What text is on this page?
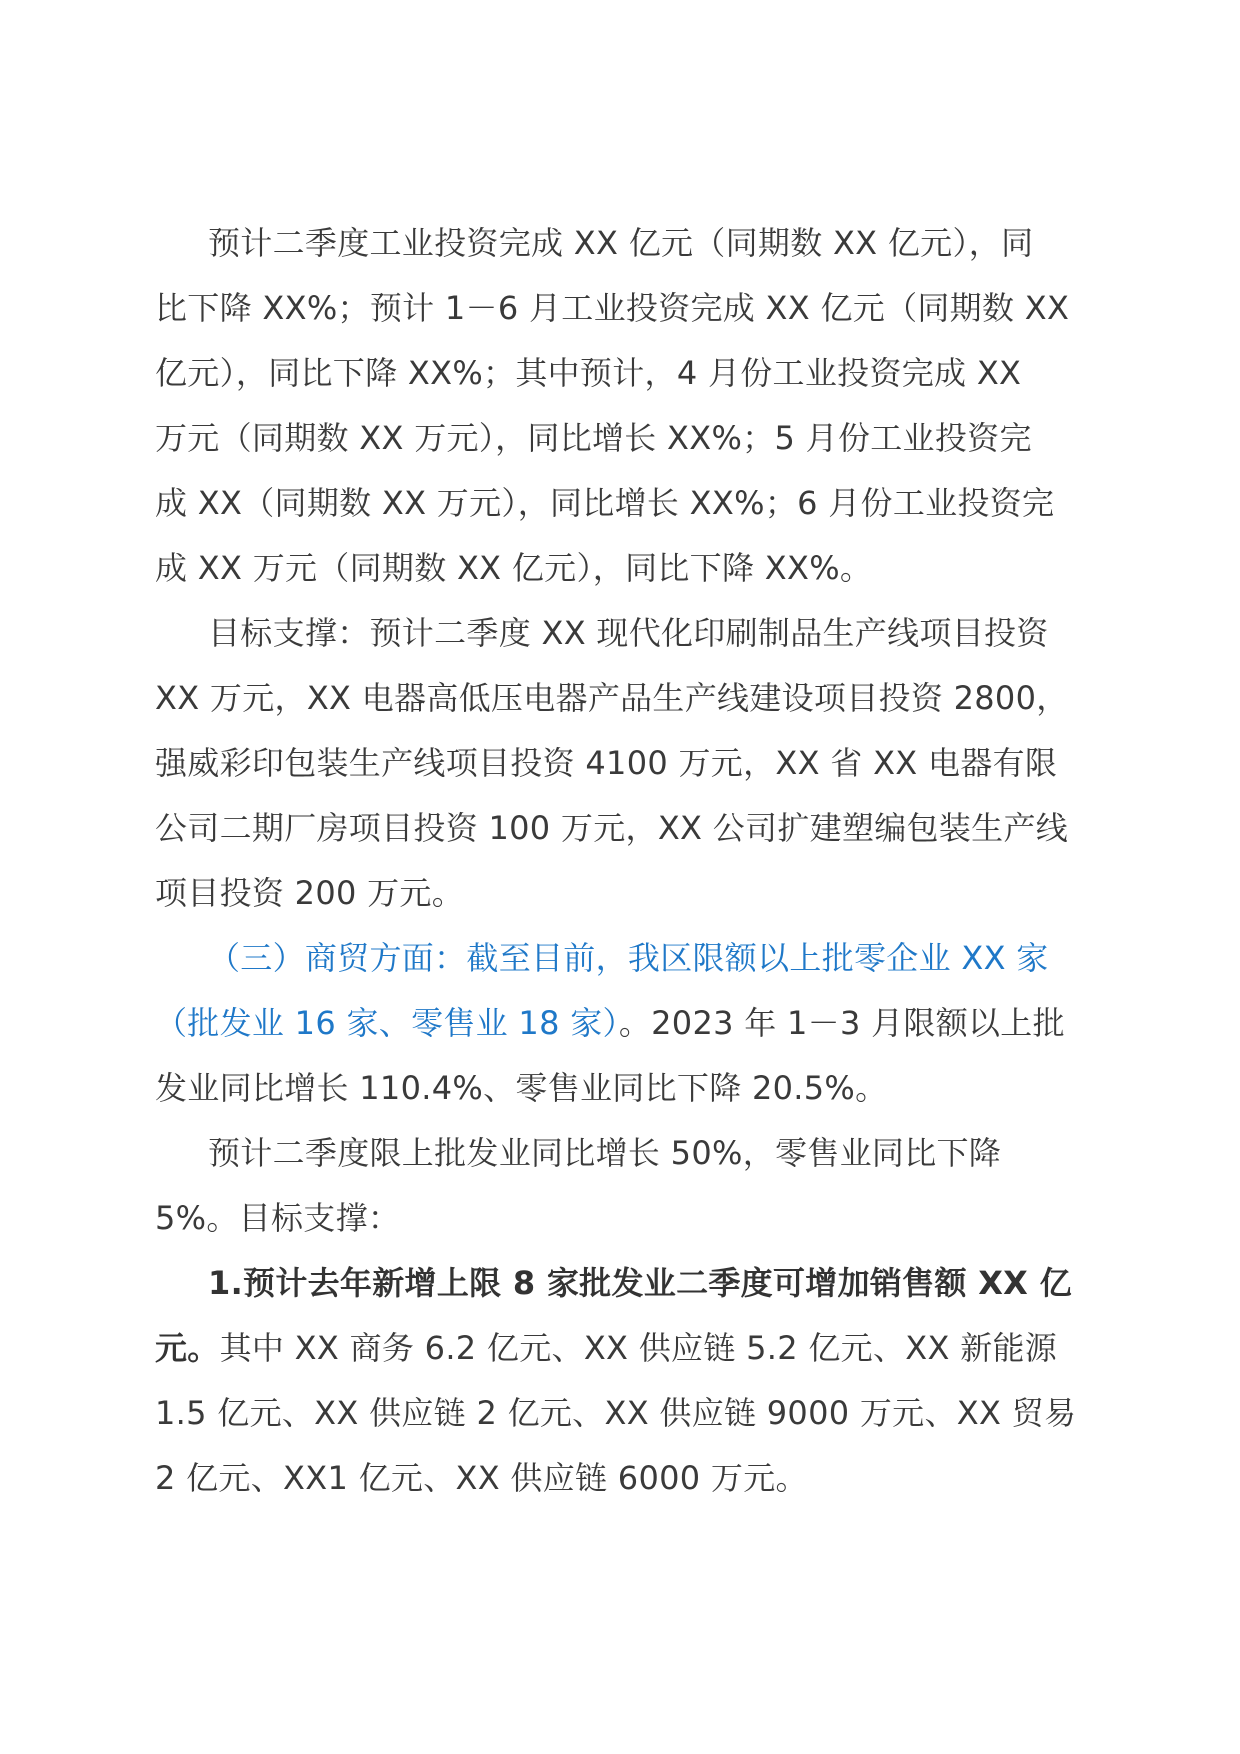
预计二季度工业投资完成 XX 亿元（同期数 XX 亿元），同
比下降 XX%；预计 1－6 月工业投资完成 XX 亿元（同期数 XX
亿元），同比下降 XX%；其中预计，4 月份工业投资完成 XX
万元（同期数 XX 万元），同比增长 XX%；5 月份工业投资完
成 XX（同期数 XX 万元），同比增长 XX%；6 月份工业投资完
成 XX 万元（同期数 XX 亿元），同比下降 XX%。

目标支撑：预计二季度 XX 现代化印刷制品生产线项目投资
XX 万元，XX 电器高低压电器产品生产线建设项目投资 2800，
强威彩印包装生产线项目投资 4100 万元，XX 省 XX 电器有限
公司二期厂房项目投资 100 万元，XX 公司扩建塑编包装生产线
项目投资 200 万元。

（三）商贸方面：截至目前，我区限额以上批零企业 XX 家
（批发业 16 家、零售业 18 家）。2023 年 1－3 月限额以上批
发业同比增长 110.4%、零售业同比下降 20.5%。

预计二季度限上批发业同比增长 50%，零售业同比下降
5%。目标支撑：

1.预计去年新增上限 8 家批发业二季度可增加销售额 XX 亿
元。其中 XX 商务 6.2 亿元、XX 供应链 5.2 亿元、XX 新能源
1.5 亿元、XX 供应链 2 亿元、XX 供应链 9000 万元、XX 贸易
2 亿元、XX1 亿元、XX 供应链 6000 万元。
